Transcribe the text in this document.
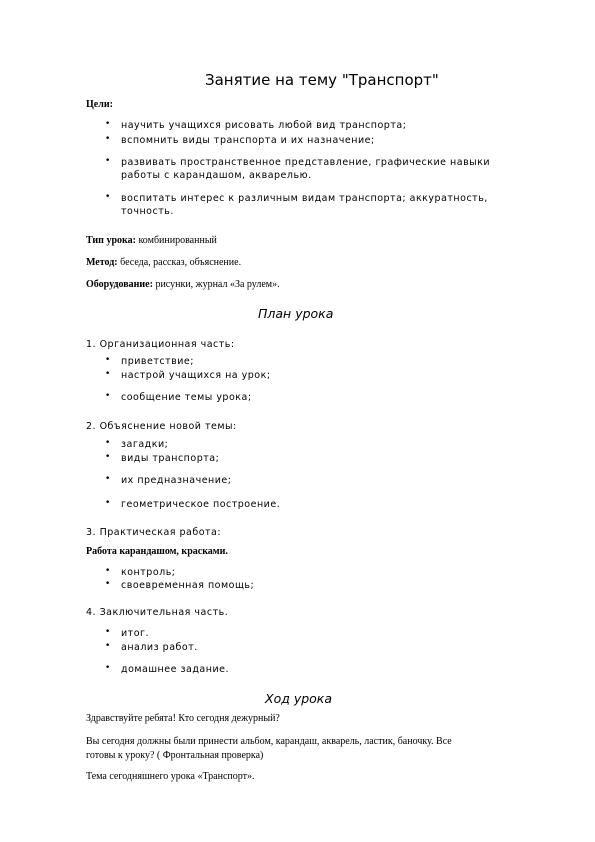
Занятие на тему "Транспорт"
Цели:
• научить учащихся рисовать любой вид транспорта;
• вспомнить виды транспорта и их назначение;
• развивать пространственное представление, графические навыки
работы с карандашом, акварелью.
• воспитать интерес к различным видам транспорта; аккуратность,
точность.
Тип урока: комбинированный
Метод: беседа, рассказ, объяснение.
Оборудование: рисунки, журнал «За рулем».
План урока
1. Организационная часть:
• приветствие;
• настрой учащихся на урок;
• сообщение темы урока;
2. Объяснение новой темы:
• загадки;
• виды транспорта;
• их предназначение;
• геометрическое построение.
3. Практическая работа:
Работа карандашом, красками.
• контроль;
• своевременная помощь;
4. Заключительная часть.
• итог.
• анализ работ.
• домашнее задание.
Ход урока
Здравствуйте ребята! Кто сегодня дежурный?
Вы сегодня должны были принести альбом, карандаш, акварель, ластик, баночку. Все
готовы к уроку? ( Фронтальная проверка)
Тема сегодняшнего урока «Транспорт».
